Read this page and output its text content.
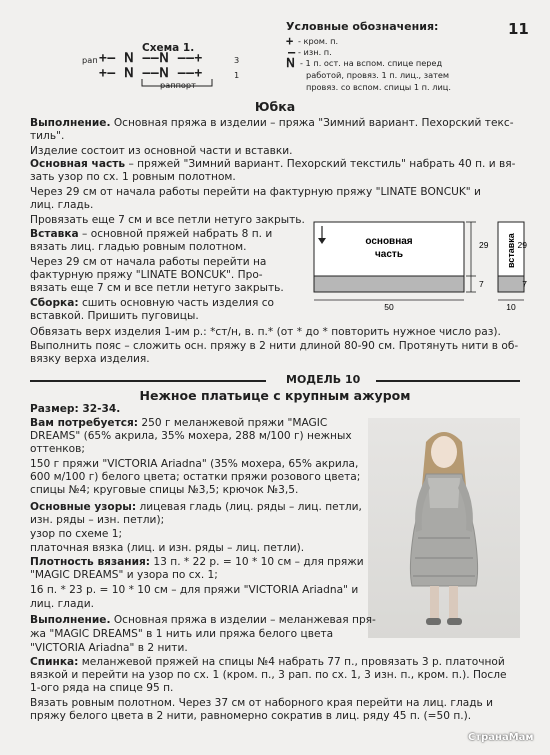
11
Схема 1.
рап +– ꓠ ––ꓠ ––+	3
+– ꓠ ––ꓠ ––+	1
раппорт
Условные обозначения:
+ - кром. п.
– - изн. п.
ꓠ - 1 п. ост. на вспом. спице перед
работой, провяз. 1 п. лиц., затем
провяз. со вспом. спицы 1 п. лиц.
Юбка
Выполнение. Основная пряжа в изделии – пряжа "Зимний вариант. Пехорский текс-
тиль".
Изделие состоит из основной части и вставки.
Основная часть – пряжей "Зимний вариант. Пехорский текстиль" набрать 40 п. и вя-
зать узор по сх. 1 ровным полотном.
Через 29 см от начала работы перейти на фактурную пряжу "LINATE BONCUK" и
лиц. гладь.
Провязать еще 7 см и все петли нетугo закрыть.
Вставка – основной пряжей набрать 8 п. и
вязать лиц. гладью ровным полотном.
Через 29 см от начала работы перейти на
фактурную пряжу "LINATE BONCUK". Про-
вязать еще 7 см и все петли нетугo закрыть.
Сборка: сшить основную часть изделия со
вставкой. Пришить пуговицы.
Обвязать верх изделия 1-им р.: *ст/н, в. п.* (от * до * повторить нужное число раз).
Выполнить пояс – сложить осн. пряжу в 2 нити длиной 80-90 см. Протянуть нити в об-
вязку верха изделия.
основная
часть	вставка
29
7
29
7
50	10
МОДЕЛЬ 10
Нежное платьице с крупным ажуром
Размер: 32-34.
Вам потребуется: 250 г меланжевой пряжи "MAGIC
DREAMS" (65% акрила, 35% мохера, 288 м/100 г) нежных
оттенков;
150 г пряжи "VICTORIA Ariadna" (35% мохера, 65% акрила,
600 м/100 г) белого цвета; остатки пряжи розового цвета;
спицы №4; круговые спицы №3,5; крючок №3,5.
Основные узоры: лицевая гладь (лиц. ряды – лиц. петли,
изн. ряды – изн. петли);
узор по схеме 1;
платочная вязка (лиц. и изн. ряды – лиц. петли).
Плотность вязания: 13 п. * 22 р. = 10 * 10 см – для пряжи
"MAGIC DREAMS" и узора по сх. 1;
16 п. * 23 р. = 10 * 10 см – для пряжи "VICTORIA Ariadna" и
лиц. глади.
Выполнение. Основная пряжа в изделии – меланжевая пря-
жа "MAGIC DREAMS" в 1 нить или пряжа белого цвета
"VICTORIA Ariadna" в 2 нити.
Спинка: меланжевой пряжей на спицы №4 набрать 77 п., провязать 3 р. платочной
вязкой и перейти на узор по сх. 1 (кром. п., 3 рап. по сх. 1, 3 изн. п., кром. п.). После
1-ого ряда на спице 95 п.
Вязать ровным полотном. Через 37 см от наборного края перейти на лиц. гладь и
пряжу белого цвета в 2 нити, равномерно сократив в лиц. ряду 45 п. (=50 п.).
СтранаМам
